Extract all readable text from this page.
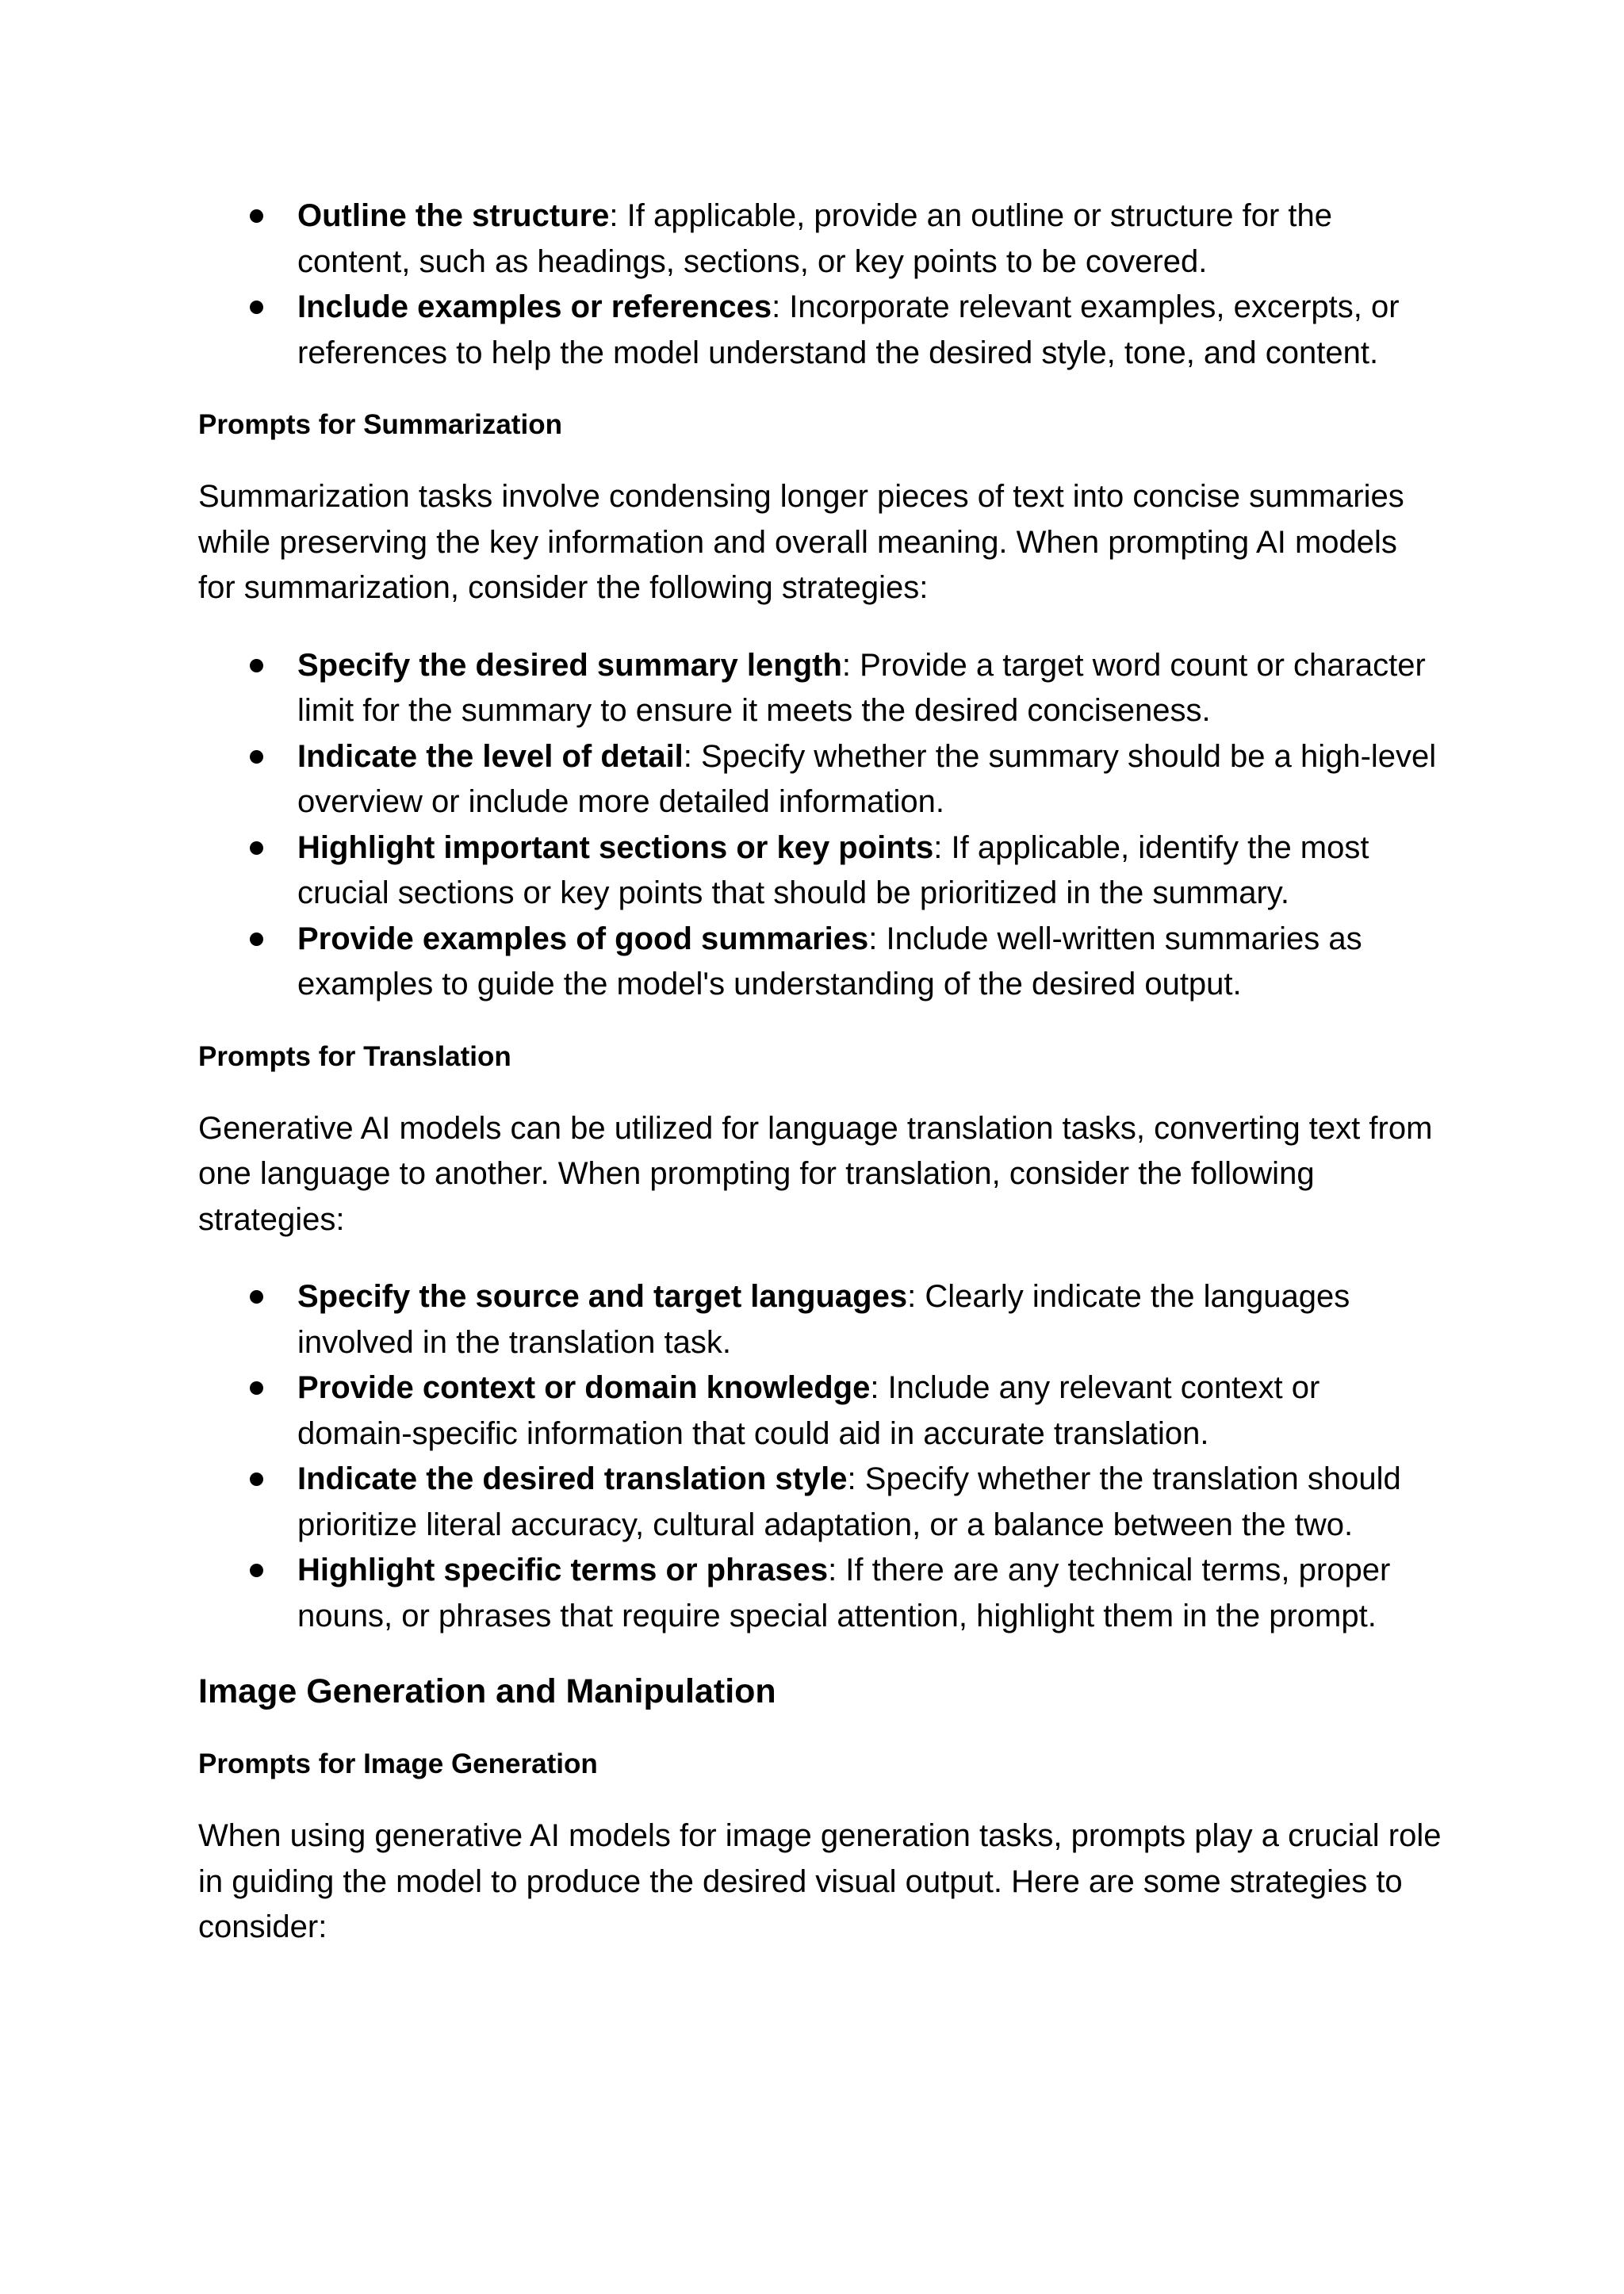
Outline the structure: If applicable, provide an outline or structure for the content, such as headings, sections, or key points to be covered.
Include examples or references: Incorporate relevant examples, excerpts, or references to help the model understand the desired style, tone, and content.
Prompts for Summarization

Summarization tasks involve condensing longer pieces of text into concise summaries while preserving the key information and overall meaning. When prompting AI models for summarization, consider the following strategies:

Specify the desired summary length: Provide a target word count or character limit for the summary to ensure it meets the desired conciseness.
Indicate the level of detail: Specify whether the summary should be a high-level overview or include more detailed information.
Highlight important sections or key points: If applicable, identify the most crucial sections or key points that should be prioritized in the summary.
Provide examples of good summaries: Include well-written summaries as examples to guide the model's understanding of the desired output.
Prompts for Translation

Generative AI models can be utilized for language translation tasks, converting text from one language to another. When prompting for translation, consider the following strategies:

Specify the source and target languages: Clearly indicate the languages involved in the translation task.
Provide context or domain knowledge: Include any relevant context or domain-specific information that could aid in accurate translation.
Indicate the desired translation style: Specify whether the translation should prioritize literal accuracy, cultural adaptation, or a balance between the two.
Highlight specific terms or phrases: If there are any technical terms, proper nouns, or phrases that require special attention, highlight them in the prompt.
Image Generation and Manipulation
Prompts for Image Generation

When using generative AI models for image generation tasks, prompts play a crucial role in guiding the model to produce the desired visual output. Here are some strategies to consider:
